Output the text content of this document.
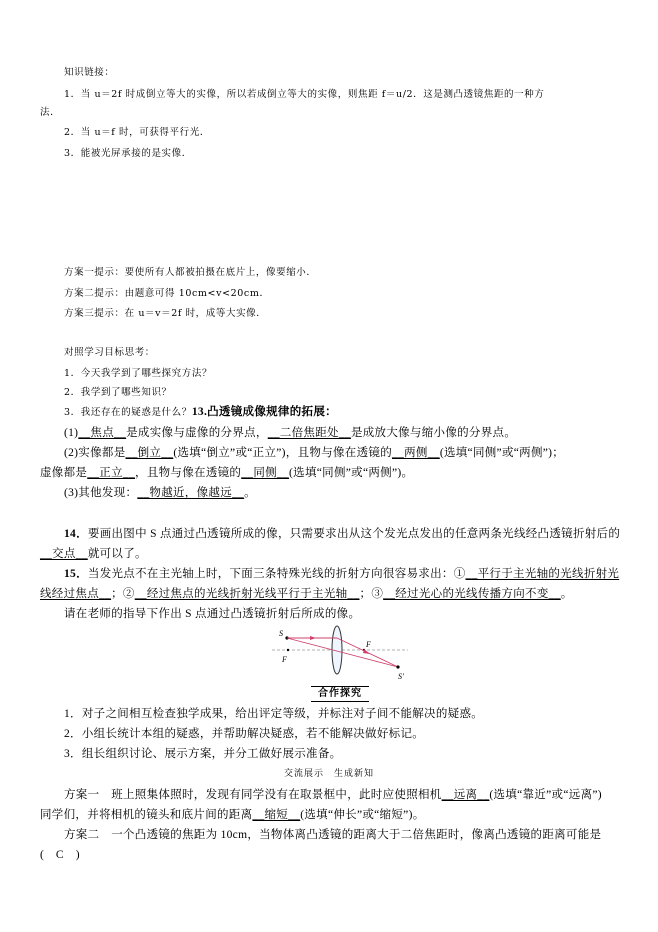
知识链接：
1．当 u＝2f 时成倒立等大的实像，所以若成倒立等大的实像，则焦距 f＝u/2．这是测凸透镜焦距的一种方
法．
2．当 u＝f 时，可获得平行光．
3．能被光屏承接的是实像．
方案一提示：要使所有人都被拍摄在底片上，像要缩小．
方案二提示：由题意可得 10cm<v<20cm．
方案三提示：在 u＝v＝2f 时，成等大实像．
对照学习目标思考：
1．今天我学到了哪些探究方法？
2．我学到了哪些知识？
3．我还存在的疑惑是什么？13.凸透镜成像规律的拓展：
(1)__焦点__是成实像与虚像的分界点，__二倍焦距处__是成放大像与缩小像的分界点。
(2)实像都是__倒立__(选填“倒立”或“正立”)，且物与像在透镜的__两侧__(选填“同侧”或“两侧”)；
虚像都是__正立__，且物与像在透镜的__同侧__(选填“同侧”或“两侧”)。
(3)其他发现：__物越近，像越远__。
14．要画出图中 S 点通过凸透镜所成的像，只需要求出从这个发光点发出的任意两条光线经凸透镜折射后的
__交点__就可以了。
15．当发光点不在主光轴上时，下面三条特殊光线的折射方向很容易求出：①__平行于主光轴的光线折射光
线经过焦点__；②__经过焦点的光线折射光线平行于主光轴__；③__经过光心的光线传播方向不变__。
请在老师的指导下作出 S 点通过凸透镜折射后所成的像。
S
F
F
S′
合作探究
1．对子之间相互检查独学成果，给出评定等级，并标注对子间不能解决的疑惑。
2．小组长统计本组的疑惑，并帮助解决疑惑，若不能解决做好标记。
3．组长组织讨论、展示方案，并分工做好展示准备。
交流展示　生成新知
方案一　班上照集体照时，发现有同学没有在取景框中，此时应使照相机__远离__(选填“靠近”或“远离”)
同学们，并将相机的镜头和底片间的距离__缩短__(选填“伸长”或“缩短”)。
方案二　一个凸透镜的焦距为 10cm，当物体离凸透镜的距离大于二倍焦距时，像离凸透镜的距离可能是
(　C　)
